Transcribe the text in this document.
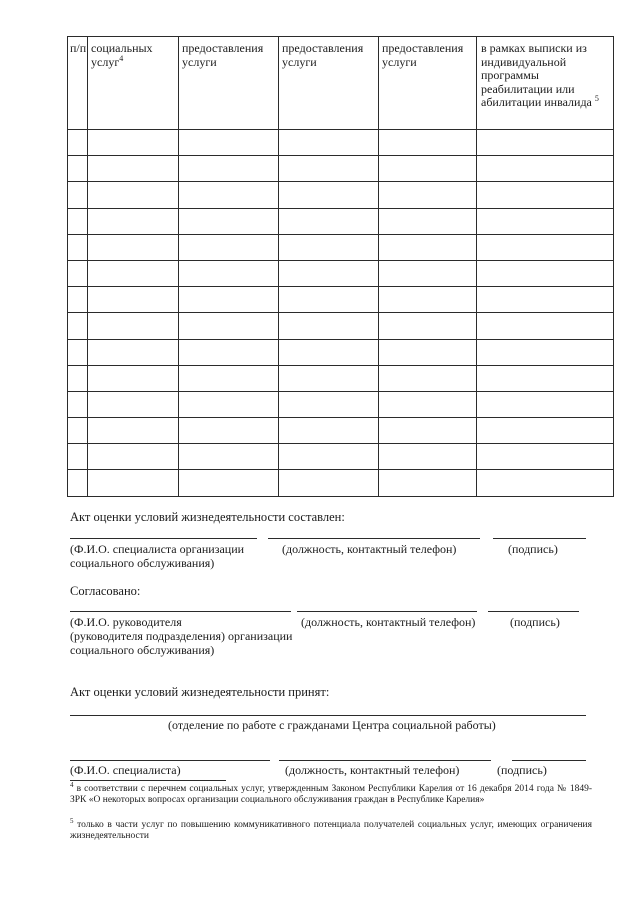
п/п	социальных услуг$^4$	предоставления услуги	предоставления услуги	предоставления услуги	в рамках выписки из индивидуальной программы реабилитации или абилитации инвалида $^5$

Акт оценки условий жизнедеятельности составлен:
(Ф.И.О. специалиста организации
социального обслуживания)
(должность, контактный телефон)	(подпись)
Согласовано:
(Ф.И.О. руководителя
(руководителя подразделения) организации
социального обслуживания)
(должность, контактный телефон)	(подпись)
Акт оценки условий жизнедеятельности принят:
(отделение по работе с гражданами Центра социальной работы)
(Ф.И.О. специалиста)	(должность, контактный телефон)	(подпись)
$^4$ в соответствии с перечнем социальных услуг, утвержденным Законом Республики Карелия от 16 декабря 2014 года № 1849-ЗРК «О некоторых вопросах организации социального обслуживания граждан в Республике Карелия»
$^5$ только в части услуг по повышению коммуникативного потенциала получателей социальных услуг, имеющих ограничения жизнедеятельности
